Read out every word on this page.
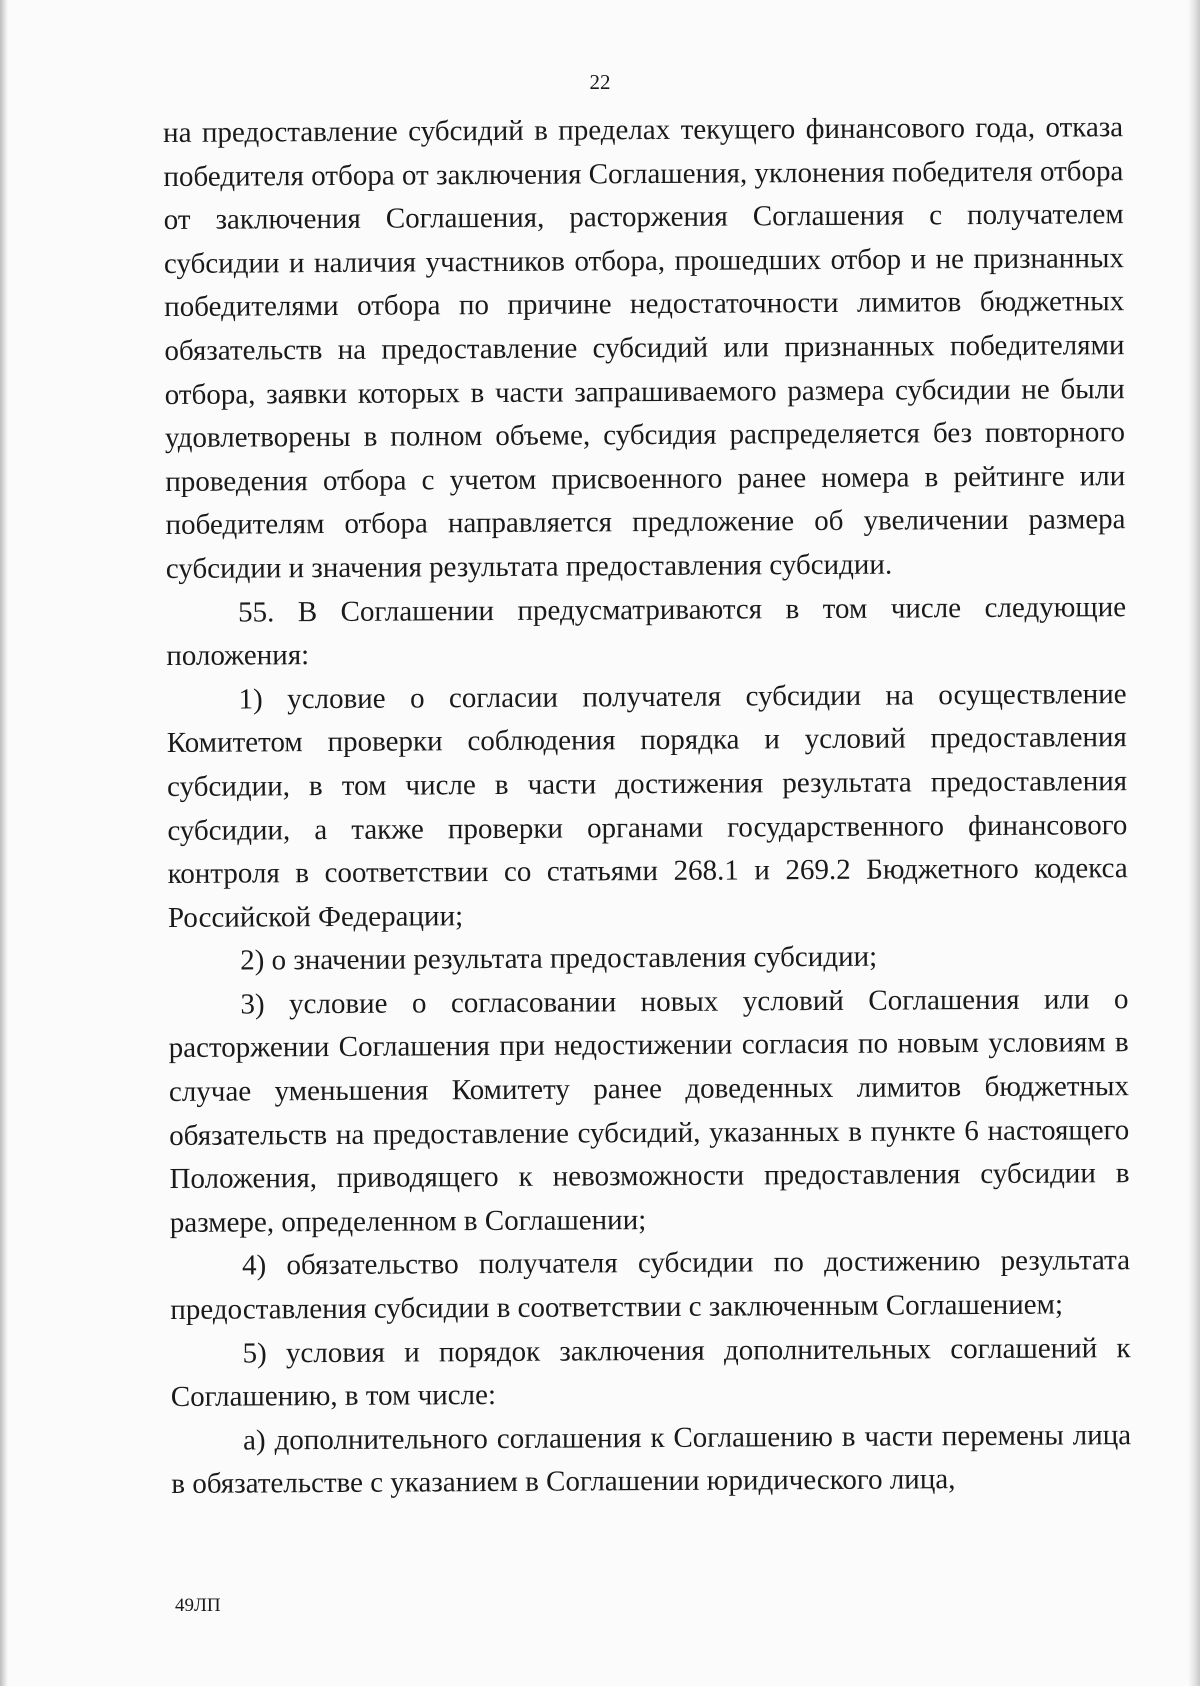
22

на предоставление субсидий в пределах текущего финансового года, отказа победителя отбора от заключения Соглашения, уклонения победителя отбора от заключения Соглашения, расторжения Соглашения с получателем субсидии и наличия участников отбора, прошедших отбор и не признанных победителями отбора по причине недостаточности лимитов бюджетных обязательств на предоставление субсидий или признанных победителями отбора, заявки которых в части запрашиваемого размера субсидии не были удовлетворены в полном объеме, субсидия распределяется без повторного проведения отбора с учетом присвоенного ранее номера в рейтинге или победителям отбора направляется предложение об увеличении размера субсидии и значения результата предоставления субсидии.

55. В Соглашении предусматриваются в том числе следующие положения:

1) условие о согласии получателя субсидии на осуществление Комитетом проверки соблюдения порядка и условий предоставления субсидии, в том числе в части достижения результата предоставления субсидии, а также проверки органами государственного финансового контроля в соответствии со статьями 268.1 и 269.2 Бюджетного кодекса Российской Федерации;

2) о значении результата предоставления субсидии;

3) условие о согласовании новых условий Соглашения или о расторжении Соглашения при недостижении согласия по новым условиям в случае уменьшения Комитету ранее доведенных лимитов бюджетных обязательств на предоставление субсидий, указанных в пункте 6 настоящего Положения, приводящего к невозможности предоставления субсидии в размере, определенном в Соглашении;

4) обязательство получателя субсидии по достижению результата предоставления субсидии в соответствии с заключенным Соглашением;

5) условия и порядок заключения дополнительных соглашений к Соглашению, в том числе:

а) дополнительного соглашения к Соглашению в части перемены лица в обязательстве с указанием в Соглашении юридического лица,

49ЛП
